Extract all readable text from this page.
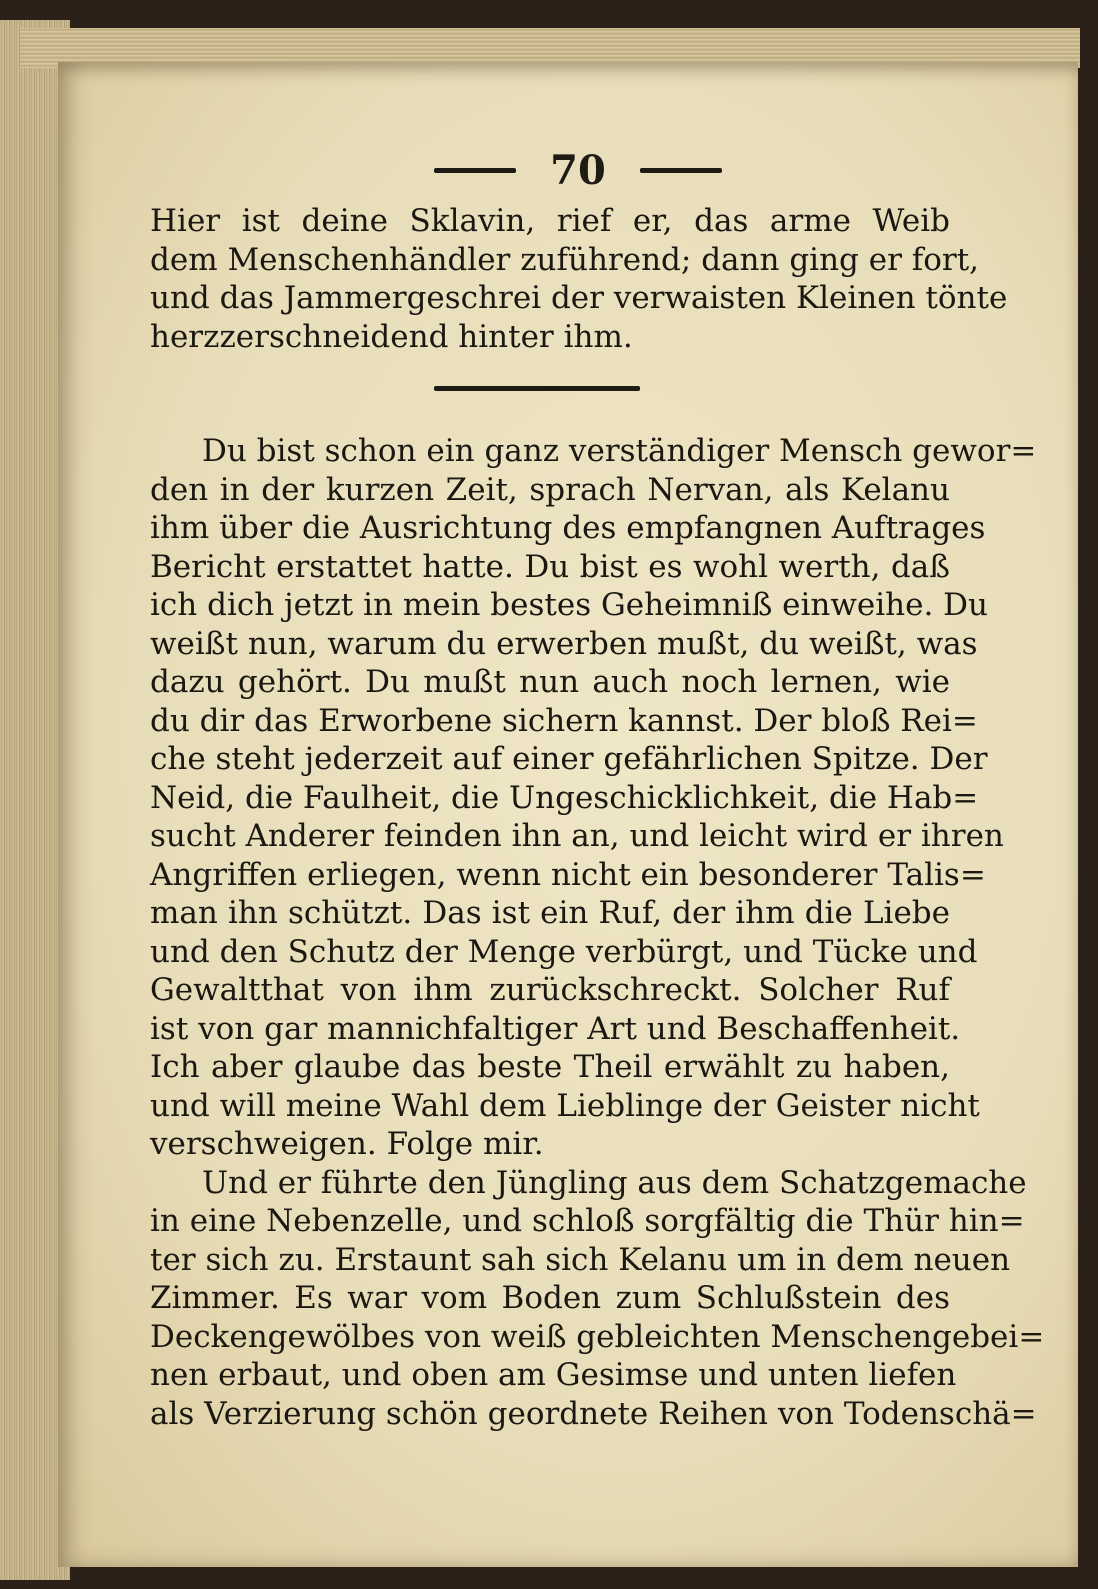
70
Hier ist deine Sklavin, rief er, das arme Weib
dem Menschenhändler zuführend; dann ging er fort,
und das Jammergeschrei der verwaisten Kleinen tönte
herzzerschneidend hinter ihm.
Du bist schon ein ganz verständiger Mensch gewor=
den in der kurzen Zeit, sprach Nervan, als Kelanu
ihm über die Ausrichtung des empfangnen Auftrages
Bericht erstattet hatte. Du bist es wohl werth, daß
ich dich jetzt in mein bestes Geheimniß einweihe. Du
weißt nun, warum du erwerben mußt, du weißt, was
dazu gehört. Du mußt nun auch noch lernen, wie
du dir das Erworbene sichern kannst. Der bloß Rei=
che steht jederzeit auf einer gefährlichen Spitze. Der
Neid, die Faulheit, die Ungeschicklichkeit, die Hab=
sucht Anderer feinden ihn an, und leicht wird er ihren
Angriffen erliegen, wenn nicht ein besonderer Talis=
man ihn schützt. Das ist ein Ruf, der ihm die Liebe
und den Schutz der Menge verbürgt, und Tücke und
Gewaltthat von ihm zurückschreckt. Solcher Ruf
ist von gar mannichfaltiger Art und Beschaffenheit.
Ich aber glaube das beste Theil erwählt zu haben,
und will meine Wahl dem Lieblinge der Geister nicht
verschweigen. Folge mir.
Und er führte den Jüngling aus dem Schatzgemache
in eine Nebenzelle, und schloß sorgfältig die Thür hin=
ter sich zu. Erstaunt sah sich Kelanu um in dem neuen
Zimmer. Es war vom Boden zum Schlußstein des
Deckengewölbes von weiß gebleichten Menschengebei=
nen erbaut, und oben am Gesimse und unten liefen
als Verzierung schön geordnete Reihen von Todenschä=
